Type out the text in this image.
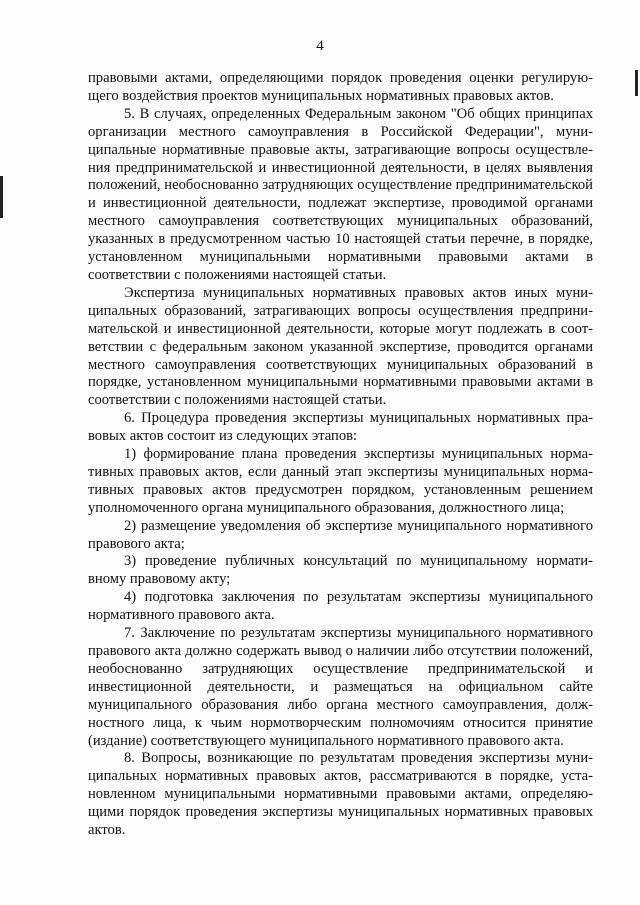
4

правовыми актами, определяющими порядок проведения оценки регулирующего воздействия проектов муниципальных нормативных правовых актов.

5. В случаях, определенных Федеральным законом "Об общих принципах организации местного самоуправления в Российской Федерации", муниципальные нормативные правовые акты, затрагивающие вопросы осуществления предпринимательской и инвестиционной деятельности, в целях выявления положений, необоснованно затрудняющих осуществление предпринимательской и инвестиционной деятельности, подлежат экспертизе, проводимой органами местного самоуправления соответствующих муниципальных образований, указанных в предусмотренном частью 10 настоящей статьи перечне, в порядке, установленном муниципальными нормативными правовыми актами в соответствии с положениями настоящей статьи.

Экспертиза муниципальных нормативных правовых актов иных муниципальных образований, затрагивающих вопросы осуществления предпринимательской и инвестиционной деятельности, которые могут подлежать в соответствии с федеральным законом указанной экспертизе, проводится органами местного самоуправления соответствующих муниципальных образований в порядке, установленном муниципальными нормативными правовыми актами в соответствии с положениями настоящей статьи.

6. Процедура проведения экспертизы муниципальных нормативных правовых актов состоит из следующих этапов:

1) формирование плана проведения экспертизы муниципальных нормативных правовых актов, если данный этап экспертизы муниципальных нормативных правовых актов предусмотрен порядком, установленным решением уполномоченного органа муниципального образования, должностного лица;

2) размещение уведомления об экспертизе муниципального нормативного правового акта;

3) проведение публичных консультаций по муниципальному нормативному правовому акту;

4) подготовка заключения по результатам экспертизы муниципального нормативного правового акта.

7. Заключение по результатам экспертизы муниципального нормативного правового акта должно содержать вывод о наличии либо отсутствии положений, необоснованно затрудняющих осуществление предпринимательской и инвестиционной деятельности, и размещаться на официальном сайте муниципального образования либо органа местного самоуправления, должностного лица, к чьим нормотворческим полномочиям относится принятие (издание) соответствующего муниципального нормативного правового акта.

8. Вопросы, возникающие по результатам проведения экспертизы муниципальных нормативных правовых актов, рассматриваются в порядке, установленном муниципальными нормативными правовыми актами, определяющими порядок проведения экспертизы муниципальных нормативных правовых актов.
